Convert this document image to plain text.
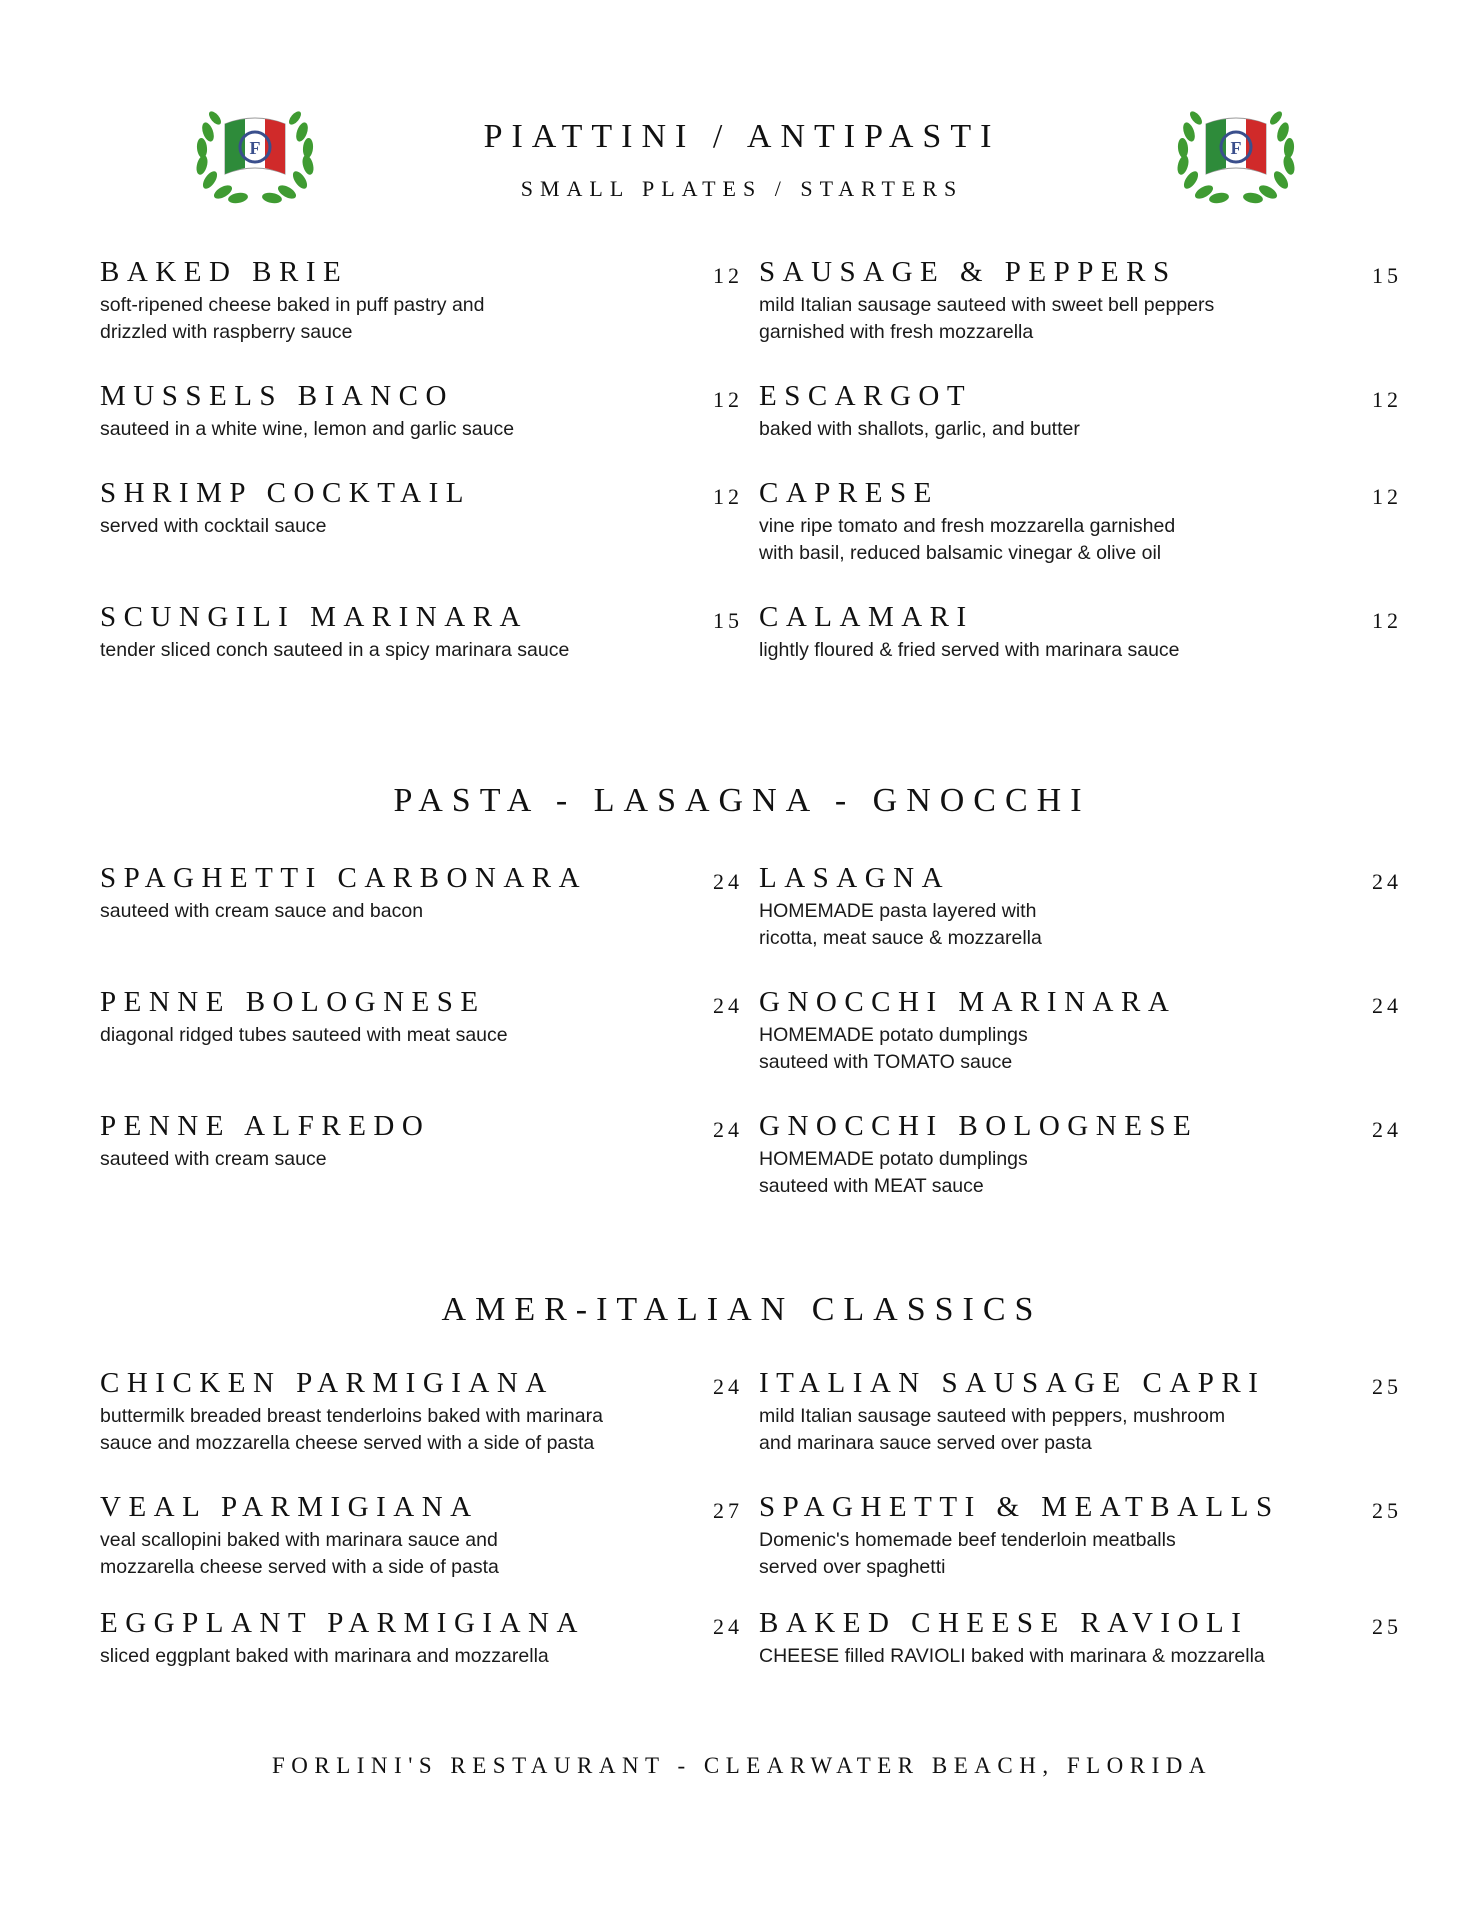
F	F
PIATTINI / ANTIPASTI
SMALL PLATES / STARTERS
BAKED BRIE	12
soft-ripened cheese baked in puff pastry and
drizzled with raspberry sauce
SAUSAGE & PEPPERS	15
mild Italian sausage sauteed with sweet bell peppers
garnished with fresh mozzarella
MUSSELS BIANCO	12
sauteed in a white wine, lemon and garlic sauce
ESCARGOT	12
baked with shallots, garlic, and butter
SHRIMP COCKTAIL	12
served with cocktail sauce
CAPRESE	12
vine ripe tomato and fresh mozzarella garnished
with basil, reduced balsamic vinegar & olive oil
SCUNGILI MARINARA	15
tender sliced conch sauteed in a spicy marinara sauce
CALAMARI	12
lightly floured & fried served with marinara sauce
PASTA - LASAGNA - GNOCCHI
SPAGHETTI CARBONARA	24
sauteed with cream sauce and bacon
LASAGNA	24
HOMEMADE pasta layered with
ricotta, meat sauce & mozzarella
PENNE BOLOGNESE	24
diagonal ridged tubes sauteed with meat sauce
GNOCCHI MARINARA	24
HOMEMADE potato dumplings
sauteed with TOMATO sauce
PENNE ALFREDO	24
sauteed with cream sauce
GNOCCHI BOLOGNESE	24
HOMEMADE potato dumplings
sauteed with MEAT sauce
AMER-ITALIAN CLASSICS
CHICKEN PARMIGIANA	24
buttermilk breaded breast tenderloins baked with marinara
sauce and mozzarella cheese served with a side of pasta
ITALIAN SAUSAGE CAPRI	25
mild Italian sausage sauteed with peppers, mushroom
and marinara sauce served over pasta
VEAL PARMIGIANA	27
veal scallopini baked with marinara sauce and
mozzarella cheese served with a side of pasta
SPAGHETTI & MEATBALLS	25
Domenic's homemade beef tenderloin meatballs
served over spaghetti
EGGPLANT PARMIGIANA	24
sliced eggplant baked with marinara and mozzarella
BAKED CHEESE RAVIOLI	25
CHEESE filled RAVIOLI baked with marinara & mozzarella
FORLINI'S RESTAURANT - CLEARWATER BEACH, FLORIDA
